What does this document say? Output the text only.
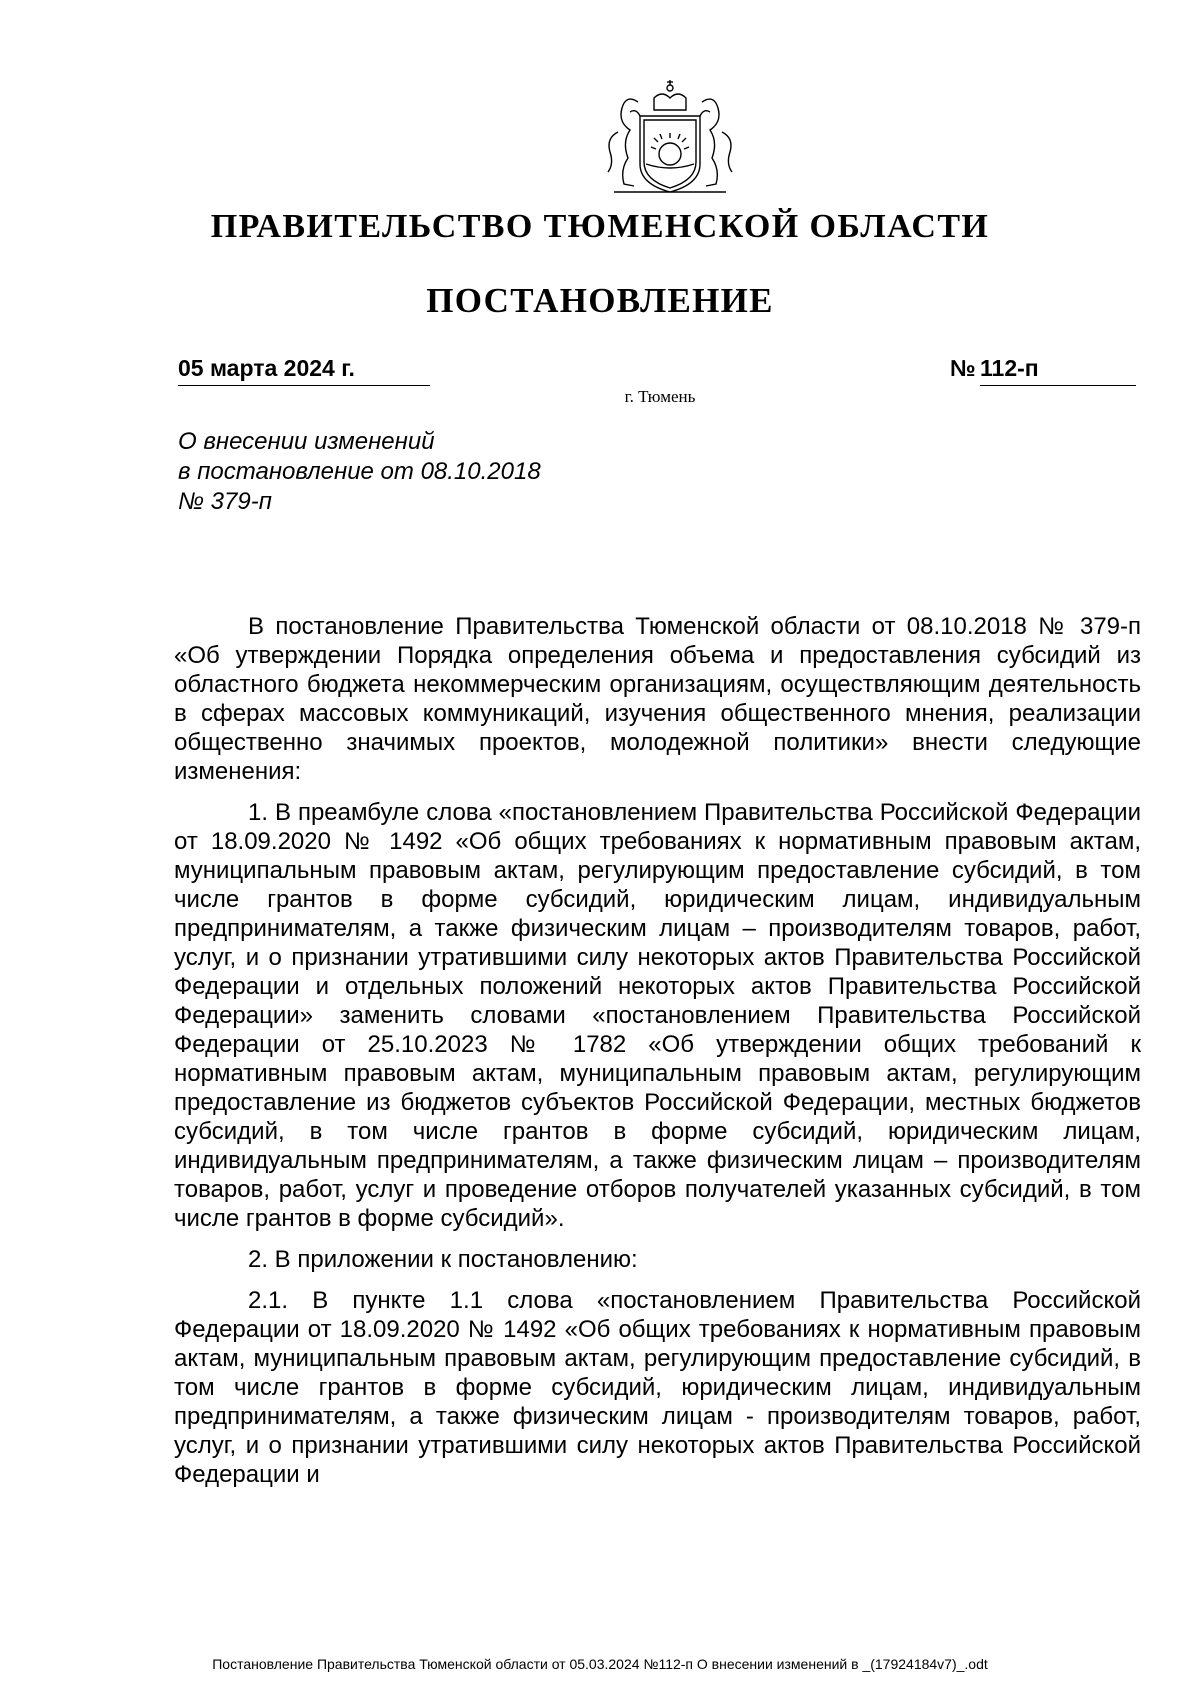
ПРАВИТЕЛЬСТВО ТЮМЕНСКОЙ ОБЛАСТИ
ПОСТАНОВЛЕНИЕ
05 марта 2024 г.	№ 112-п
г. Тюмень
О внесении изменений
в постановление от 08.10.2018
№ 379-п

В постановление Правительства Тюменской области от 08.10.2018 № 379-п «Об утверждении Порядка определения объема и предоставления субсидий из областного бюджета некоммерческим организациям, осуществляющим деятельность в сферах массовых коммуникаций, изучения общественного мнения, реализации общественно значимых проектов, молодежной политики» внести следующие изменения:

1. В преамбуле слова «постановлением Правительства Российской Федерации от 18.09.2020 № 1492 «Об общих требованиях к нормативным правовым актам, муниципальным правовым актам, регулирующим предоставление субсидий, в том числе грантов в форме субсидий, юридическим лицам, индивидуальным предпринимателям, а также физическим лицам – производителям товаров, работ, услуг, и о признании утратившими силу некоторых актов Правительства Российской Федерации и отдельных положений некоторых актов Правительства Российской Федерации» заменить словами «постановлением Правительства Российской Федерации от 25.10.2023 № 1782 «Об утверждении общих требований к нормативным правовым актам, муниципальным правовым актам, регулирующим предоставление из бюджетов субъектов Российской Федерации, местных бюджетов субсидий, в том числе грантов в форме субсидий, юридическим лицам, индивидуальным предпринимателям, а также физическим лицам – производителям товаров, работ, услуг и проведение отборов получателей указанных субсидий, в том числе грантов в форме субсидий».

2. В приложении к постановлению:

2.1. В пункте 1.1 слова «постановлением Правительства Российской Федерации от 18.09.2020 № 1492 «Об общих требованиях к нормативным правовым актам, муниципальным правовым актам, регулирующим предоставление субсидий, в том числе грантов в форме субсидий, юридическим лицам, индивидуальным предпринимателям, а также физическим лицам - производителям товаров, работ, услуг, и о признании утратившими силу некоторых актов Правительства Российской Федерации и

Постановление Правительства Тюменской области от 05.03.2024 №112-п О внесении изменений в _(17924184v7)_.odt
